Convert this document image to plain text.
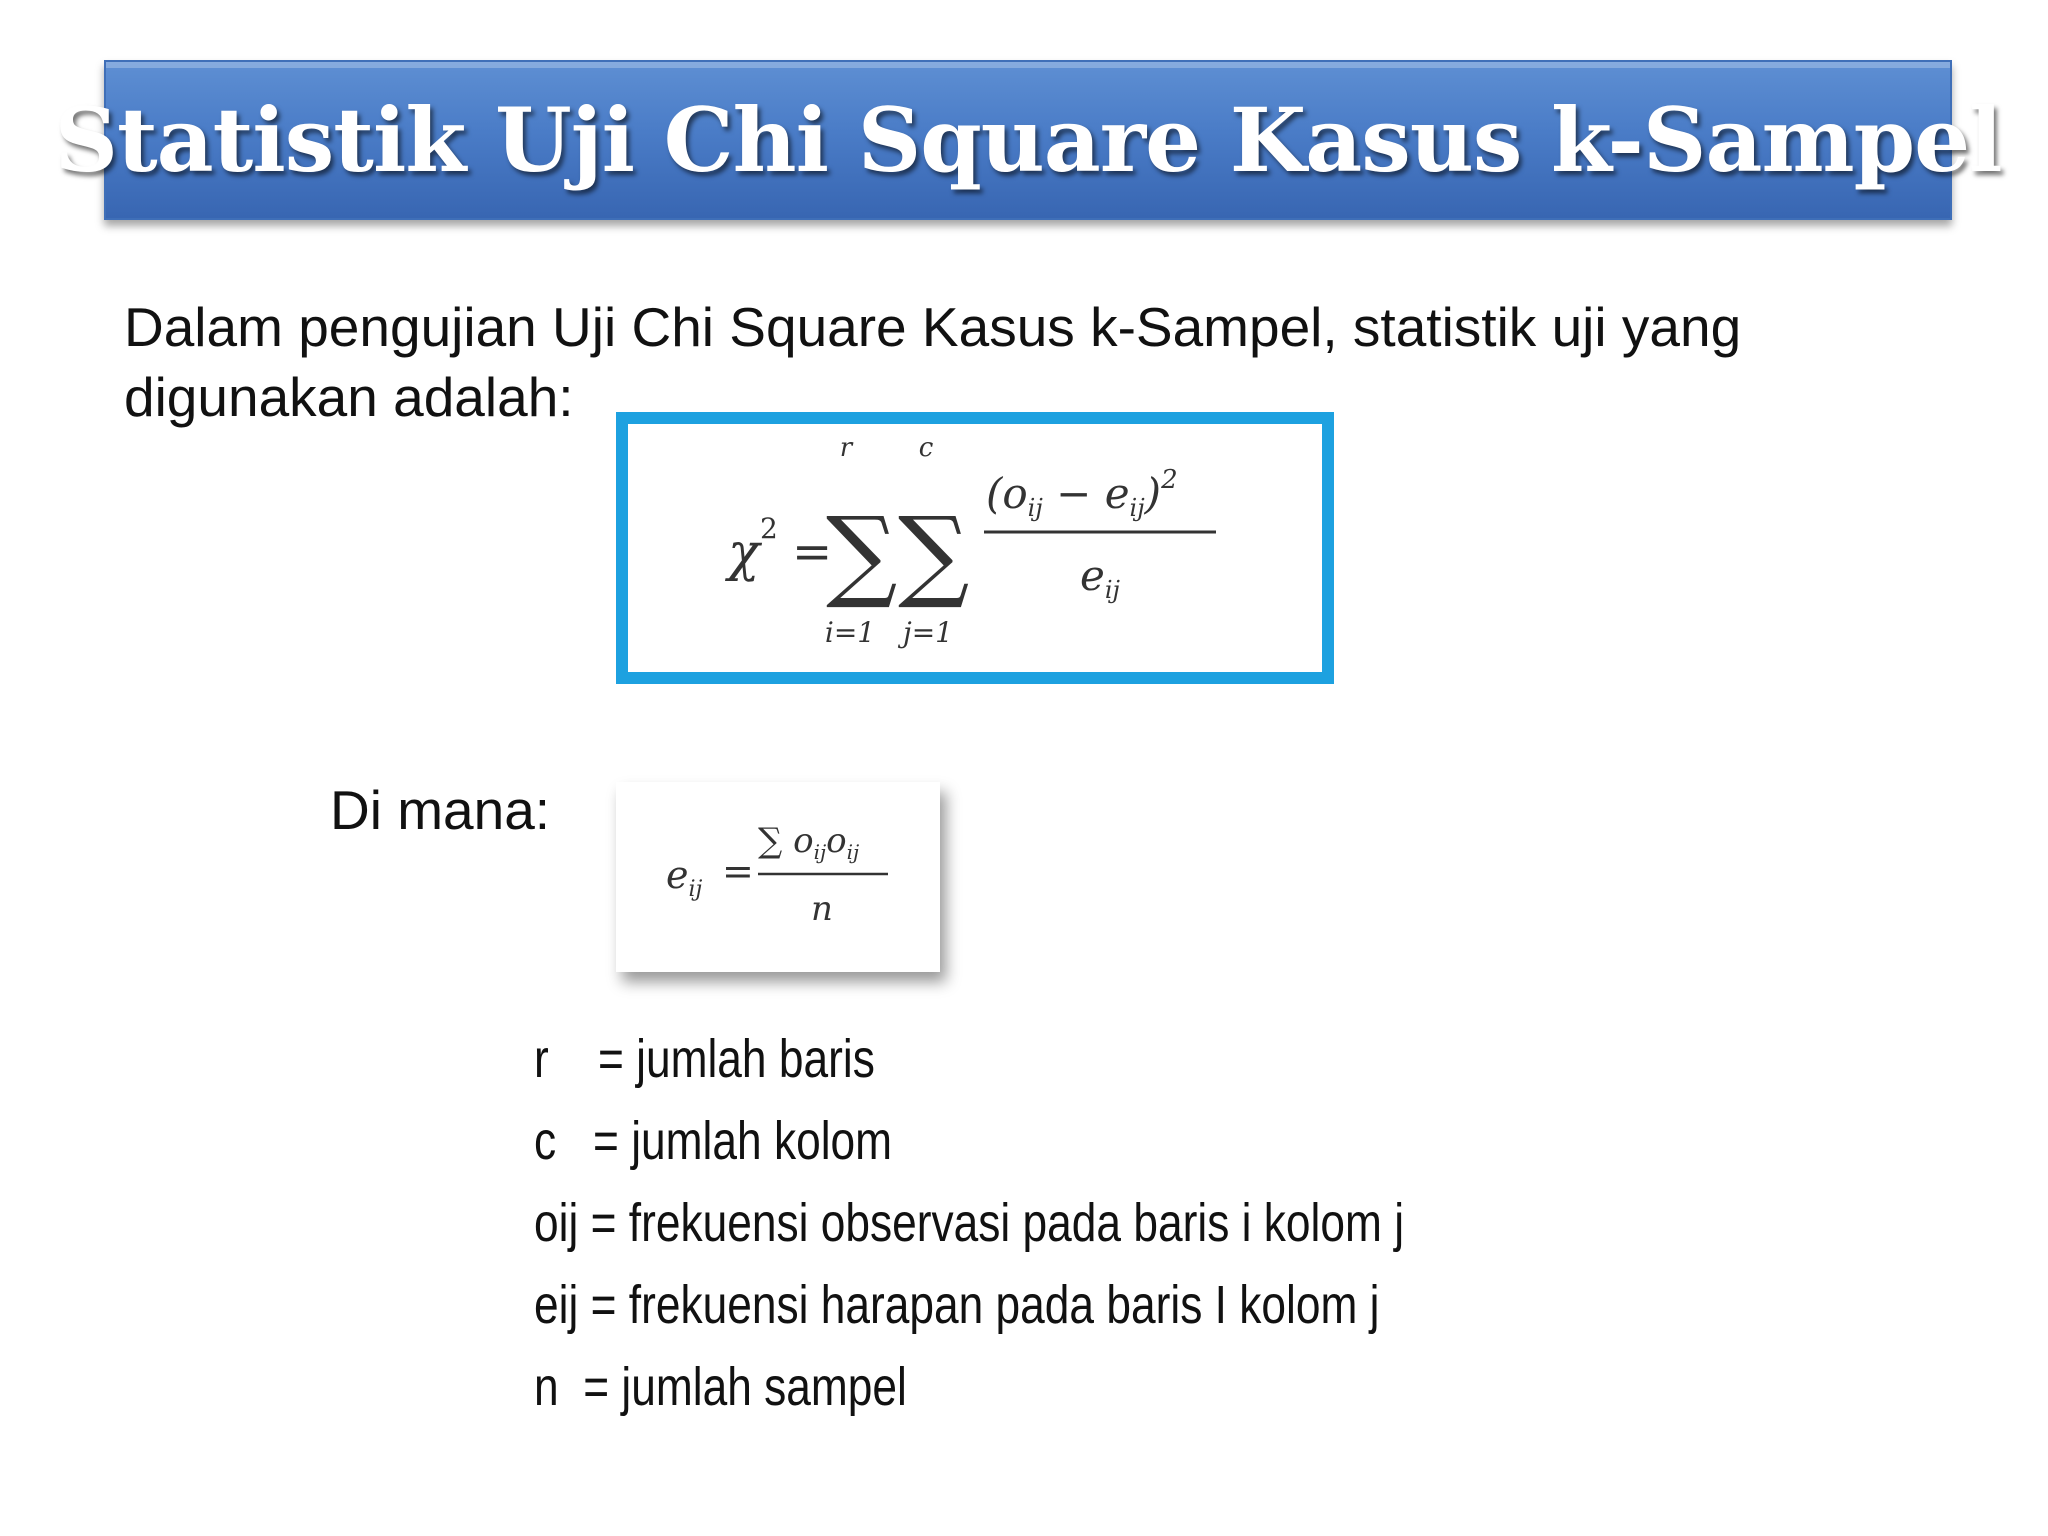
Statistik Uji Chi Square Kasus k-Sampel
Dalam pengujian Uji Chi Square Kasus k-Sampel, statistik uji yang
digunakan adalah:
χ 2 =
r
∑
i=1
c
∑
j=1
(oij − eij)$^2$
eij
Di mana:
$e_{ij}$ =
∑ $o_{ij}o_{ij}$
n
r    = jumlah baris
c   = jumlah kolom
oij = frekuensi observasi pada baris i kolom j
eij = frekuensi harapan pada baris I kolom j
n  = jumlah sampel
